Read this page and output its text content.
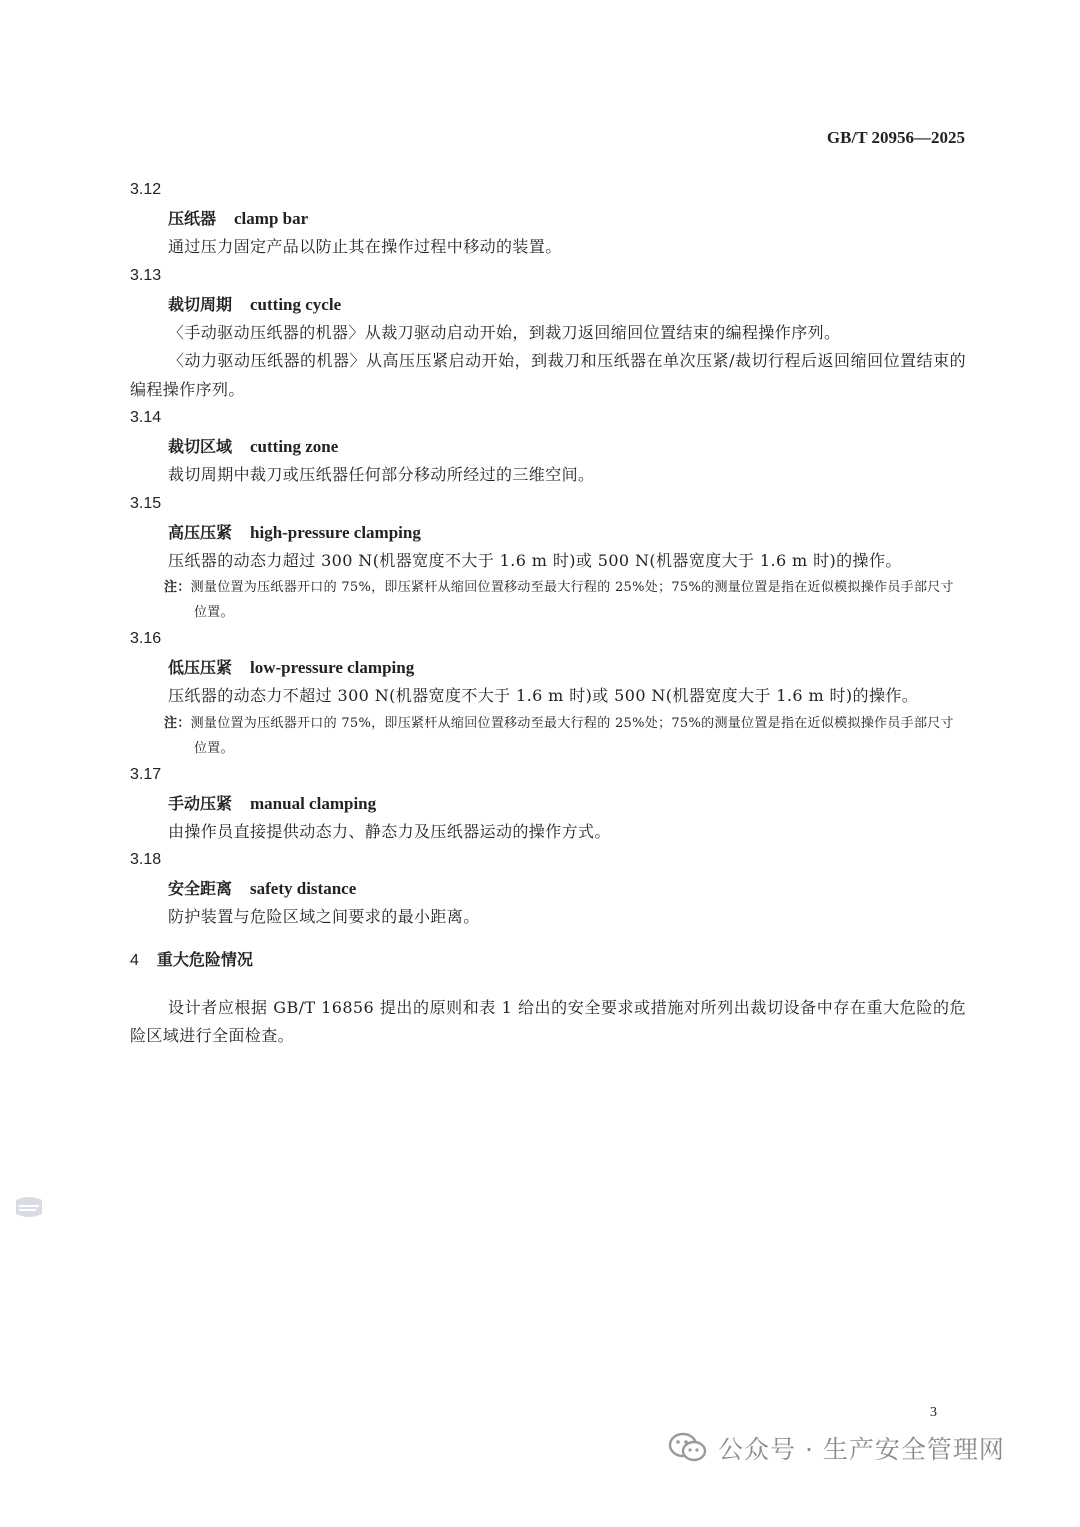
GB/T 20956—2025
3.12
压纸器 clamp bar

通过压力固定产品以防止其在操作过程中移动的装置。

3.13
裁切周期 cutting cycle

〈手动驱动压纸器的机器〉从裁刀驱动启动开始，到裁刀返回缩回位置结束的编程操作序列。

〈动力驱动压纸器的机器〉从高压压紧启动开始，到裁刀和压纸器在单次压紧/裁切行程后返回缩回位置结束的编程操作序列。

3.14
裁切区域 cutting zone

裁切周期中裁刀或压纸器任何部分移动所经过的三维空间。

3.15
高压压紧 high-pressure clamping

压纸器的动态力超过 300 N(机器宽度不大于 1.6 m 时)或 500 N(机器宽度大于 1.6 m 时)的操作。

注：测量位置为压纸器开口的 75%，即压紧杆从缩回位置移动至最大行程的 25%处；75%的测量位置是指在近似模拟操作员手部尺寸位置。

3.16
低压压紧 low-pressure clamping

压纸器的动态力不超过 300 N(机器宽度不大于 1.6 m 时)或 500 N(机器宽度大于 1.6 m 时)的操作。

注：测量位置为压纸器开口的 75%，即压紧杆从缩回位置移动至最大行程的 25%处；75%的测量位置是指在近似模拟操作员手部尺寸位置。

3.17
手动压紧 manual clamping

由操作员直接提供动态力、静态力及压纸器运动的操作方式。

3.18
安全距离 safety distance

防护装置与危险区域之间要求的最小距离。

4 重大危险情况

设计者应根据 GB/T 16856 提出的原则和表 1 给出的安全要求或措施对所列出裁切设备中存在重大危险的危险区域进行全面检查。

3
公众号 · 生产安全管理网
